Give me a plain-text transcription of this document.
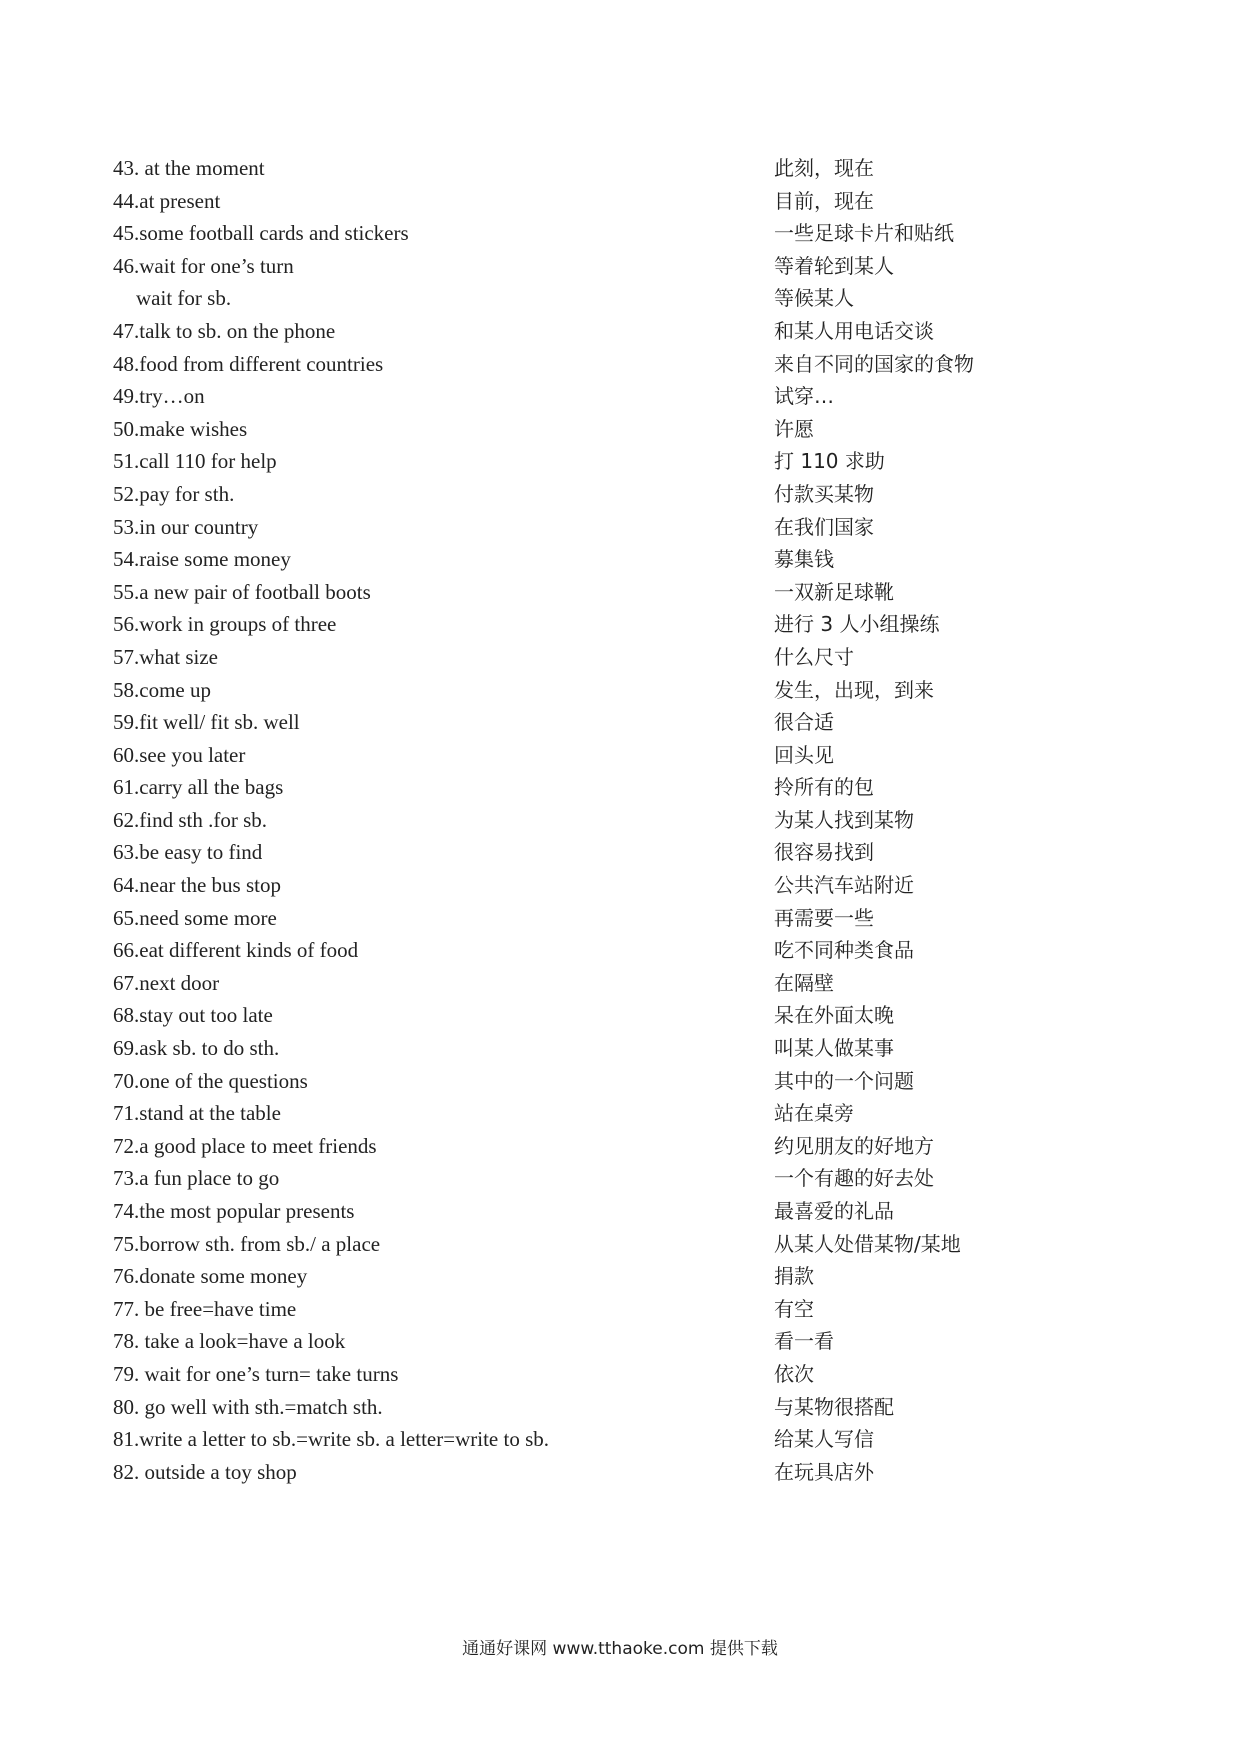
43. at the moment	此刻，现在
44.at present	目前，现在
45.some football cards and stickers	一些足球卡片和贴纸
46.wait for one’s turn	等着轮到某人
wait for sb.	等候某人
47.talk to sb. on the phone	和某人用电话交谈
48.food from different countries	来自不同的国家的食物
49.try…on	试穿…
50.make wishes	许愿
51.call 110 for help	打 110 求助
52.pay for sth.	付款买某物
53.in our country	在我们国家
54.raise some money	募集钱
55.a new pair of football boots	一双新足球靴
56.work in groups of three	进行 3 人小组操练
57.what size	什么尺寸
58.come up	发生，出现，到来
59.fit well/ fit sb. well	很合适
60.see you later	回头见
61.carry all the bags	拎所有的包
62.find sth .for sb.	为某人找到某物
63.be easy to find	很容易找到
64.near the bus stop	公共汽车站附近
65.need some more	再需要一些
66.eat different kinds of food	吃不同种类食品
67.next door	在隔壁
68.stay out too late	呆在外面太晚
69.ask sb. to do sth.	叫某人做某事
70.one of the questions	其中的一个问题
71.stand at the table	站在桌旁
72.a good place to meet friends	约见朋友的好地方
73.a fun place to go	一个有趣的好去处
74.the most popular presents	最喜爱的礼品
75.borrow sth. from sb./ a place	从某人处借某物/某地
76.donate some money	捐款
77. be free=have time	有空
78. take a look=have a look	看一看
79. wait for one’s turn= take turns	依次
80. go well with sth.=match sth.	与某物很搭配
81.write a letter to sb.=write sb. a letter=write to sb.	给某人写信
82. outside a toy shop	在玩具店外
通通好课网 www.tthaoke.com 提供下载
